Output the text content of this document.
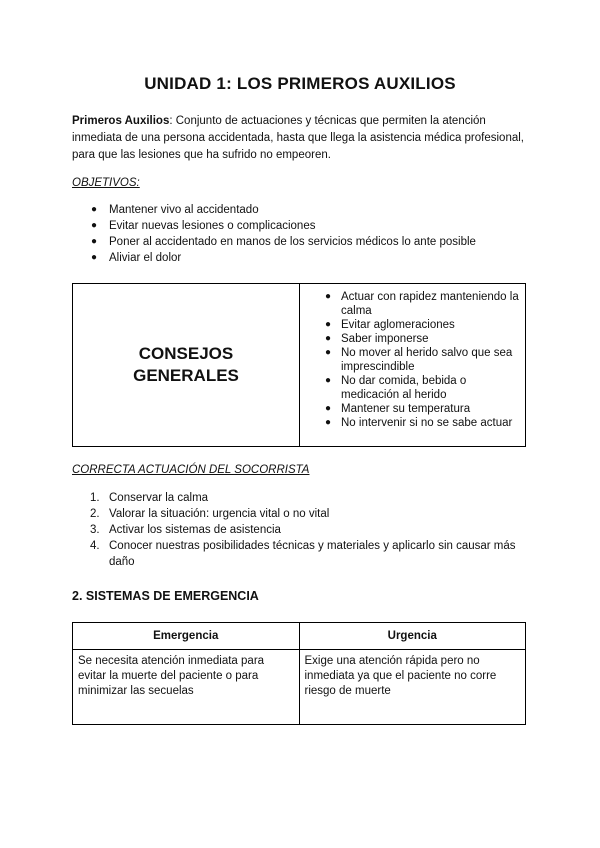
UNIDAD 1: LOS PRIMEROS AUXILIOS
Primeros Auxilios: Conjunto de actuaciones y técnicas que permiten la atención inmediata de una persona accidentada, hasta que llega la asistencia médica profesional, para que las lesiones que ha sufrido no empeoren.
OBJETIVOS:
● Mantener vivo al accidentado
● Evitar nuevas lesiones o complicaciones
● Poner al accidentado en manos de los servicios médicos lo ante posible
● Aliviar el dolor
CONSEJOS
GENERALES
● Actuar con rapidez manteniendo la calma
● Evitar aglomeraciones
● Saber imponerse
● No mover al herido salvo que sea imprescindible
● No dar comida, bebida o medicación al herido
● Mantener su temperatura
● No intervenir si no se sabe actuar
CORRECTA ACTUACIÓN DEL SOCORRISTA
1. Conservar la calma
2. Valorar la situación: urgencia vital o no vital
3. Activar los sistemas de asistencia
4. Conocer nuestras posibilidades técnicas y materiales y aplicarlo sin causar más daño
2. SISTEMAS DE EMERGENCIA
Emergencia	Urgencia
Se necesita atención inmediata para evitar la muerte del paciente o para minimizar las secuelas	Exige una atención rápida pero no inmediata ya que el paciente no corre riesgo de muerte
